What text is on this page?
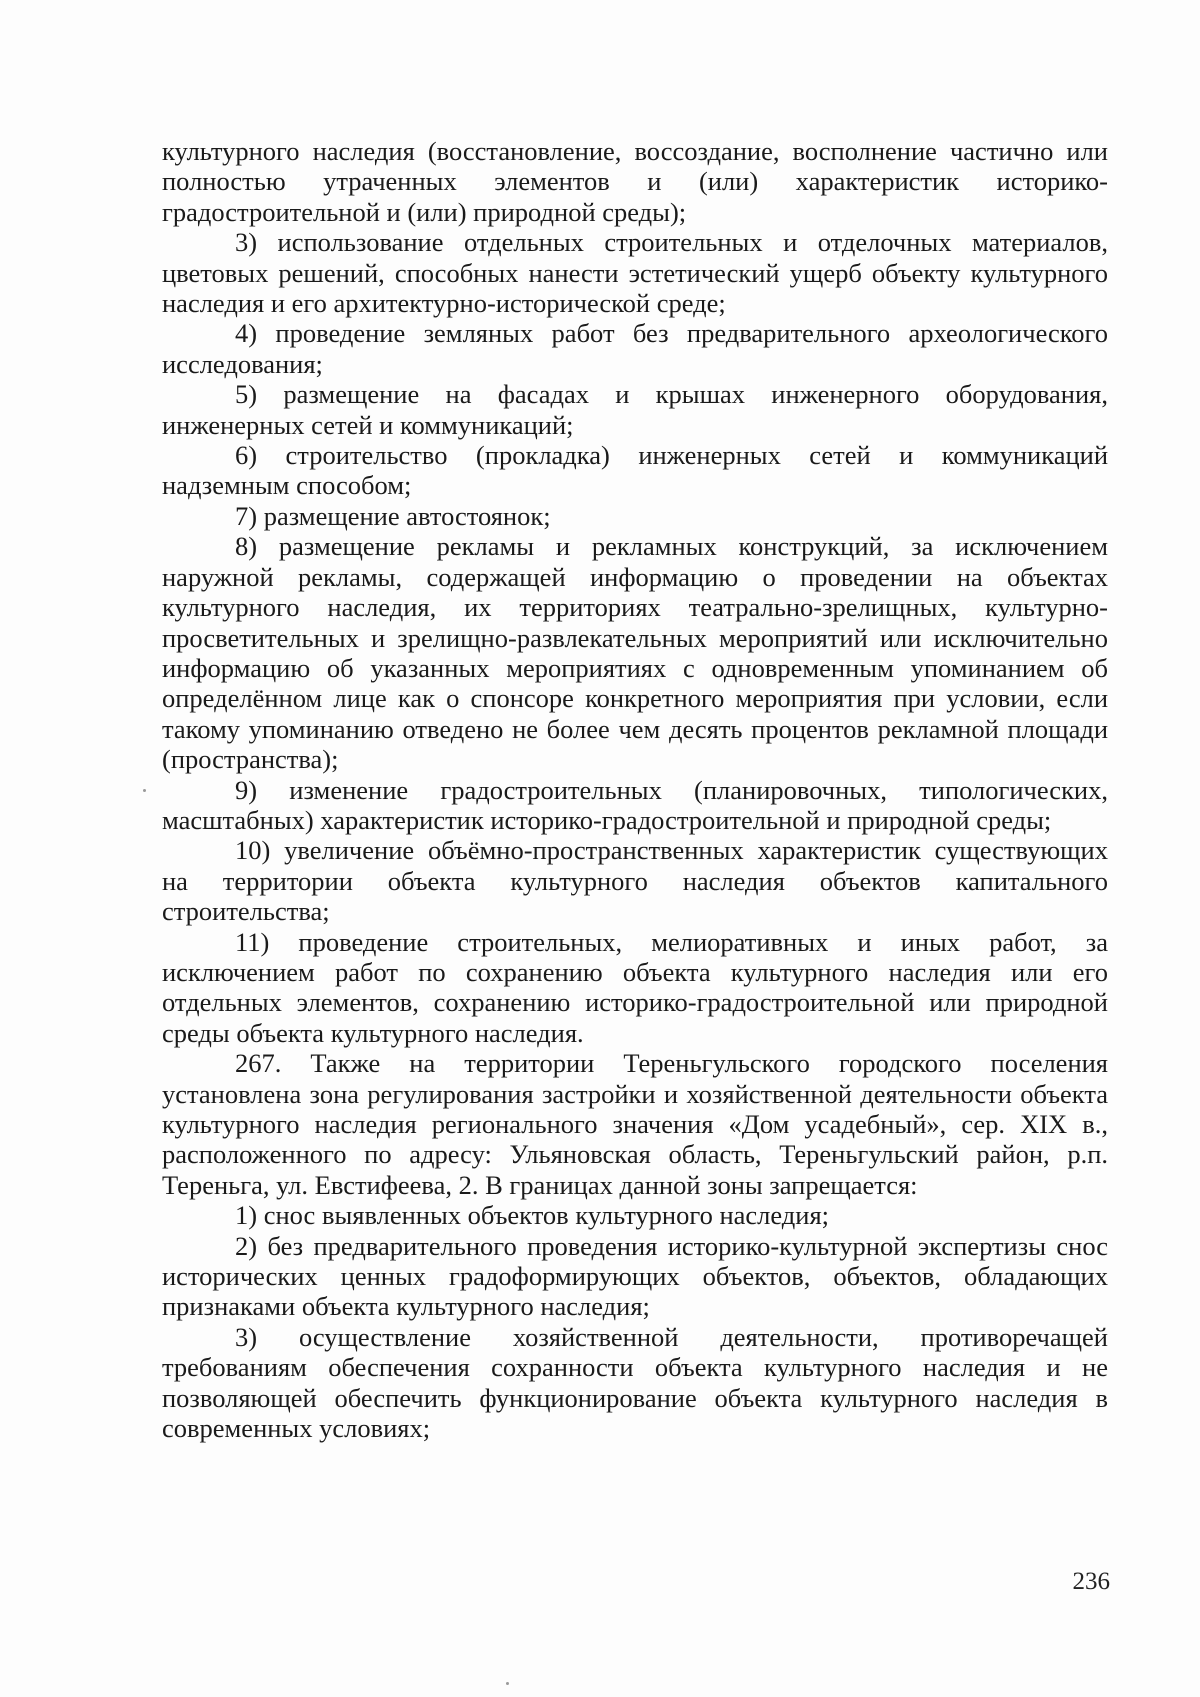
культурного наследия (восстановление, воссоздание, восполнение частично или полностью утраченных элементов и (или) характеристик историко-градостроительной и (или) природной среды);

3) использование отдельных строительных и отделочных материалов, цветовых решений, способных нанести эстетический ущерб объекту культурного наследия и его архитектурно-исторической среде;

4) проведение земляных работ без предварительного археологического исследования;

5) размещение на фасадах и крышах инженерного оборудования, инженерных сетей и коммуникаций;

6) строительство (прокладка) инженерных сетей и коммуникаций надземным способом;

7) размещение автостоянок;

8) размещение рекламы и рекламных конструкций, за исключением наружной рекламы, содержащей информацию о проведении на объектах культурного наследия, их территориях театрально-зрелищных, культурно-просветительных и зрелищно-развлекательных мероприятий или исключительно информацию об указанных мероприятиях с одновременным упоминанием об определённом лице как о спонсоре конкретного мероприятия при условии, если такому упоминанию отведено не более чем десять процентов рекламной площади (пространства);

9) изменение градостроительных (планировочных, типологических, масштабных) характеристик историко-градостроительной и природной среды;

10) увеличение объёмно-пространственных характеристик существующих на территории объекта культурного наследия объектов капитального строительства;

11) проведение строительных, мелиоративных и иных работ, за исключением работ по сохранению объекта культурного наследия или его отдельных элементов, сохранению историко-градостроительной или природной среды объекта культурного наследия.

267. Также на территории Тереньгульского городского поселения установлена зона регулирования застройки и хозяйственной деятельности объекта культурного наследия регионального значения «Дом усадебный», сер. XIX в., расположенного по адресу: Ульяновская область, Тереньгульский район, р.п. Тереньга, ул. Евстифеева, 2. В границах данной зоны запрещается:

1) снос выявленных объектов культурного наследия;

2) без предварительного проведения историко-культурной экспертизы снос исторических ценных градоформирующих объектов, объектов, обладающих признаками объекта культурного наследия;

3) осуществление хозяйственной деятельности, противоречащей требованиям обеспечения сохранности объекта культурного наследия и не позволяющей обеспечить функционирование объекта культурного наследия в современных условиях;

236
